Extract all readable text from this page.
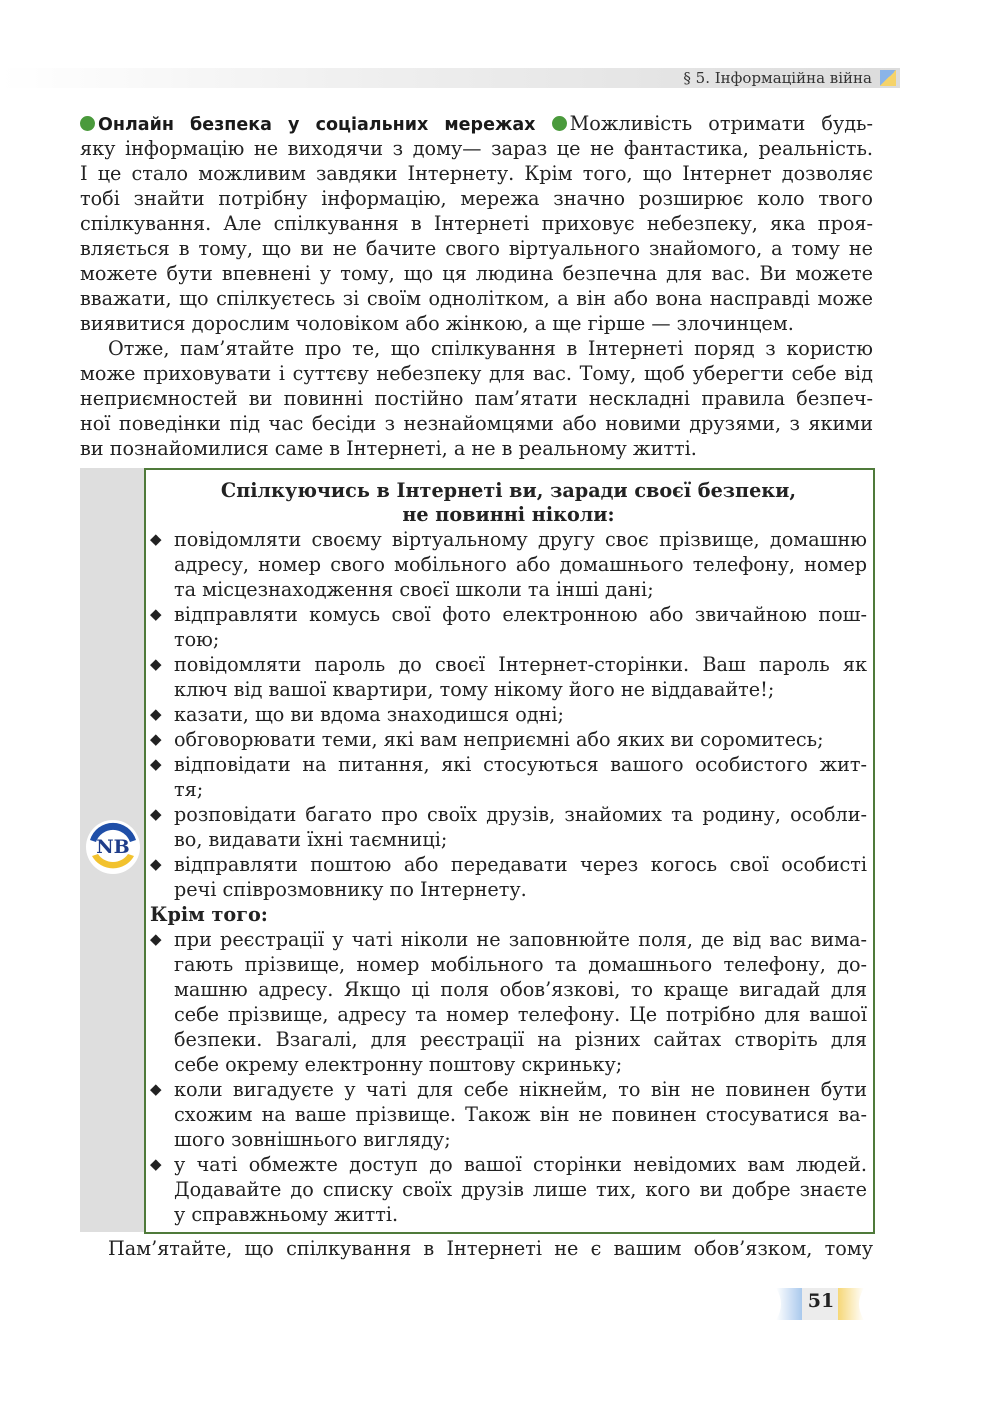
§ 5. Інформаційна війна
Онлайн безпека у соціальних мережах Можливість отримати будь-
яку інформацію не виходячи з дому— зараз це не фантастика, реальність.
І це стало можливим завдяки Інтернету. Крім того, що Інтернет дозволяє
тобі знайти потрібну інформацію, мережа значно розширює коло твого
спілкування. Але спілкування в Інтернеті приховує небезпеку, яка проя-
вляється в тому, що ви не бачите свого віртуального знайомого, а тому не
можете бути впевнені у тому, що ця людина безпечна для вас. Ви можете
вважати, що спілкуєтесь зі своїм однолітком, а він або вона насправді може
виявитися дорослим чоловіком або жінкою, а ще гірше — злочинцем.
Отже, пам’ятайте про те, що спілкування в Інтернеті поряд з користю
може приховувати і суттєву небезпеку для вас. Тому, щоб уберегти себе від
неприємностей ви повинні постійно пам’ятати нескладні правила безпеч-
ної поведінки під час бесіди з незнайомцями або новими друзями, з якими
ви познайомилися саме в Інтернеті, а не в реальному житті.
NB
Спілкуючись в Інтернеті ви, заради своєї безпеки,
не повинні ніколи:
◆ повідомляти своєму віртуальному другу своє прізвище, домашню
адресу, номер свого мобільного або домашнього телефону, номер
та місцезнаходження своєї школи та інші дані;
◆ відправляти комусь свої фото електронною або звичайною пош-
тою;
◆ повідомляти пароль до своєї Інтернет-сторінки. Ваш пароль як
ключ від вашої квартири, тому нікому його не віддавайте!;
◆ казати, що ви вдома знаходишся одні;
◆ обговорювати теми, які вам неприємні або яких ви соромитесь;
◆ відповідати на питання, які стосуються вашого особистого жит-
тя;
◆ розповідати багато про своїх друзів, знайомих та родину, особли-
во, видавати їхні таємниці;
◆ відправляти поштою або передавати через когось свої особисті
речі співрозмовнику по Інтернету.
Крім того:
◆ при реєстрації у чаті ніколи не заповнюйте поля, де від вас вима-
гають прізвище, номер мобільного та домашнього телефону, до-
машню адресу. Якщо ці поля обов’язкові, то краще вигадай для
себе прізвище, адресу та номер телефону. Це потрібно для вашої
безпеки. Взагалі, для реєстрації на різних сайтах створіть для
себе окрему електронну поштову скриньку;
◆ коли вигадуєте у чаті для себе нікнейм, то він не повинен бути
схожим на ваше прізвище. Також він не повинен стосуватися ва-
шого зовнішнього вигляду;
◆ у чаті обмежте доступ до вашої сторінки невідомих вам людей.
Додавайте до списку своїх друзів лише тих, кого ви добре знаєте
у справжньому житті.
Пам’ятайте, що спілкування в Інтернеті не є вашим обов’язком, тому
51
